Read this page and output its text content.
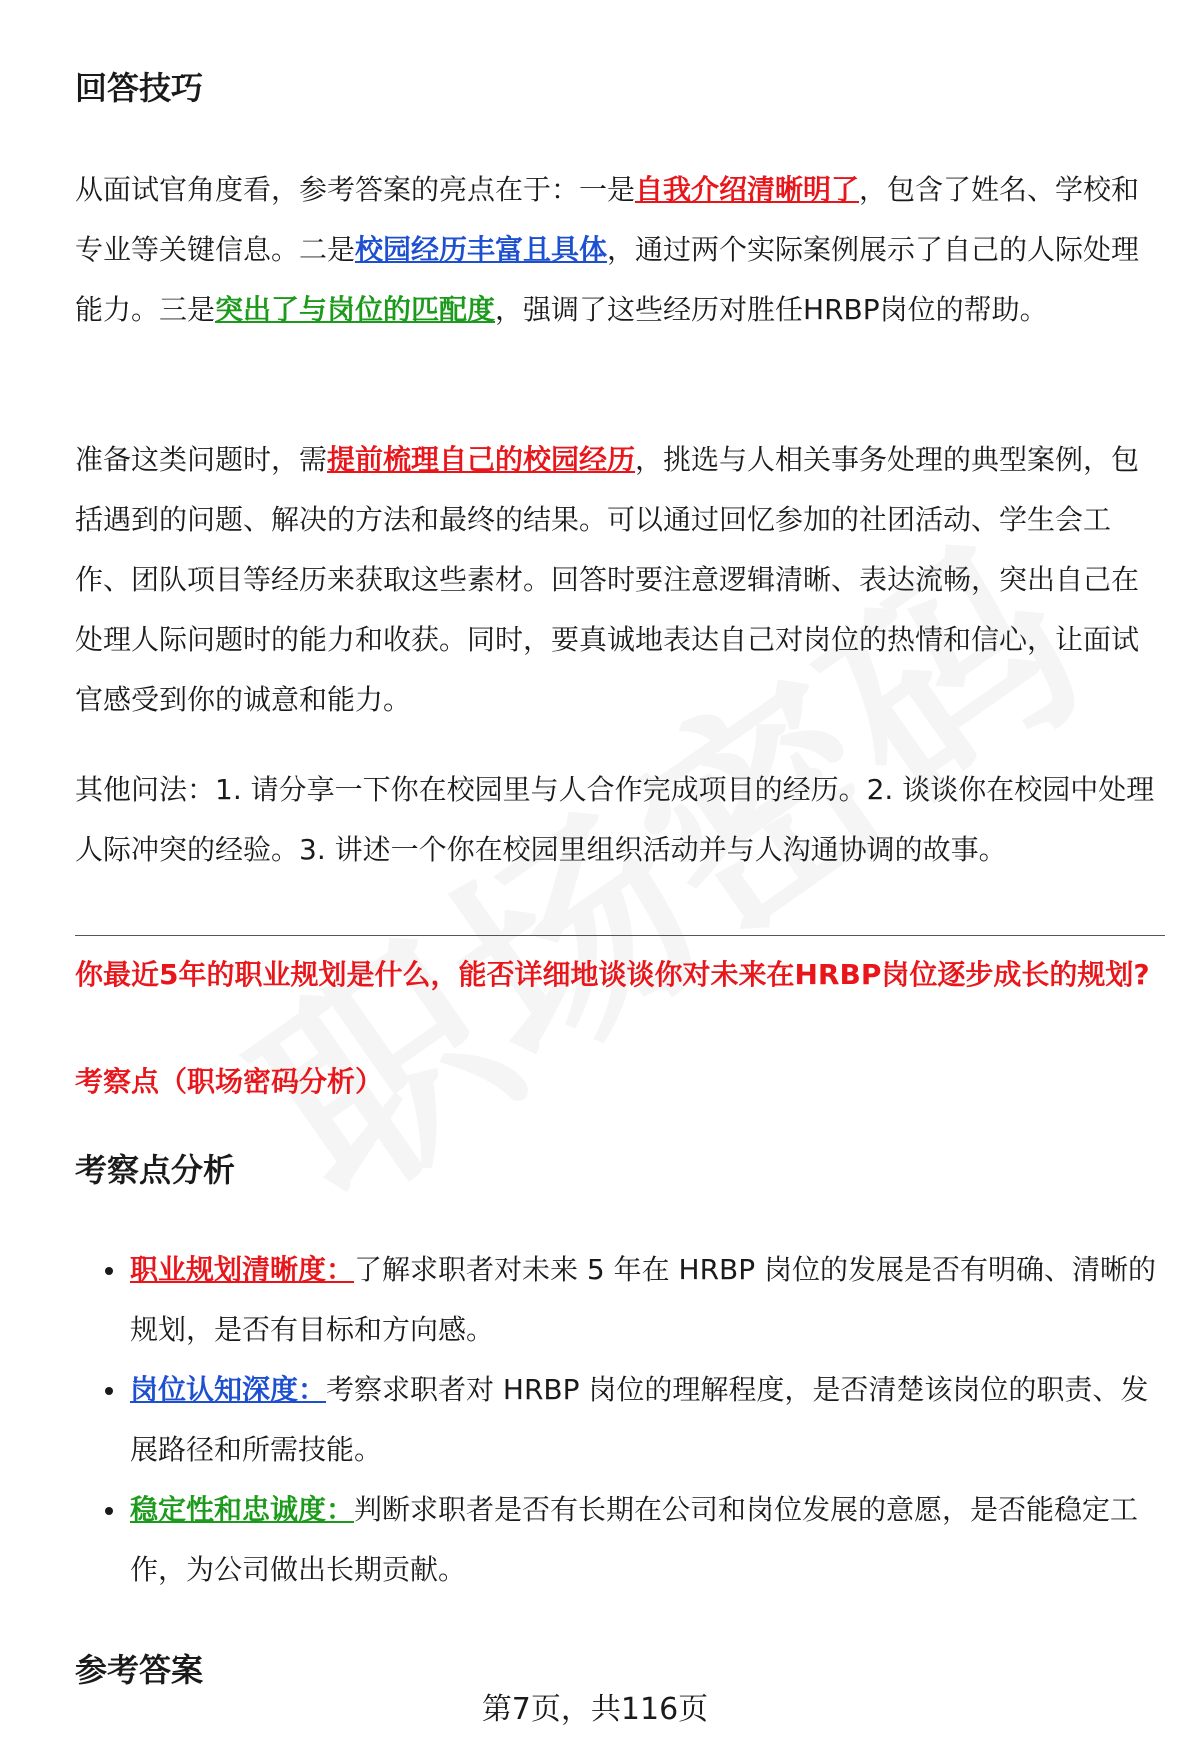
回答技巧

从面试官角度看，参考答案的亮点在于：一是自我介绍清晰明了，包含了姓名、学校和专业等关键信息。二是校园经历丰富且具体，通过两个实际案例展示了自己的人际处理能力。三是突出了与岗位的匹配度，强调了这些经历对胜任HRBP岗位的帮助。

准备这类问题时，需提前梳理自己的校园经历，挑选与人相关事务处理的典型案例，包括遇到的问题、解决的方法和最终的结果。可以通过回忆参加的社团活动、学生会工作、团队项目等经历来获取这些素材。回答时要注意逻辑清晰、表达流畅，突出自己在处理人际问题时的能力和收获。同时，要真诚地表达自己对岗位的热情和信心，让面试官感受到你的诚意和能力。

其他问法：1. 请分享一下你在校园里与人合作完成项目的经历。2. 谈谈你在校园中处理人际冲突的经验。3. 讲述一个你在校园里组织活动并与人沟通协调的故事。

你最近5年的职业规划是什么，能否详细地谈谈你对未来在HRBP岗位逐步成长的规划?
考察点（职场密码分析）
考察点分析
职业规划清晰度：了解求职者对未来 5 年在 HRBP 岗位的发展是否有明确、清晰的规划，是否有目标和方向感。
岗位认知深度：考察求职者对 HRBP 岗位的理解程度，是否清楚该岗位的职责、发展路径和所需技能。
稳定性和忠诚度：判断求职者是否有长期在公司和岗位发展的意愿，是否能稳定工作，为公司做出长期贡献。
参考答案
第7页，共116页
